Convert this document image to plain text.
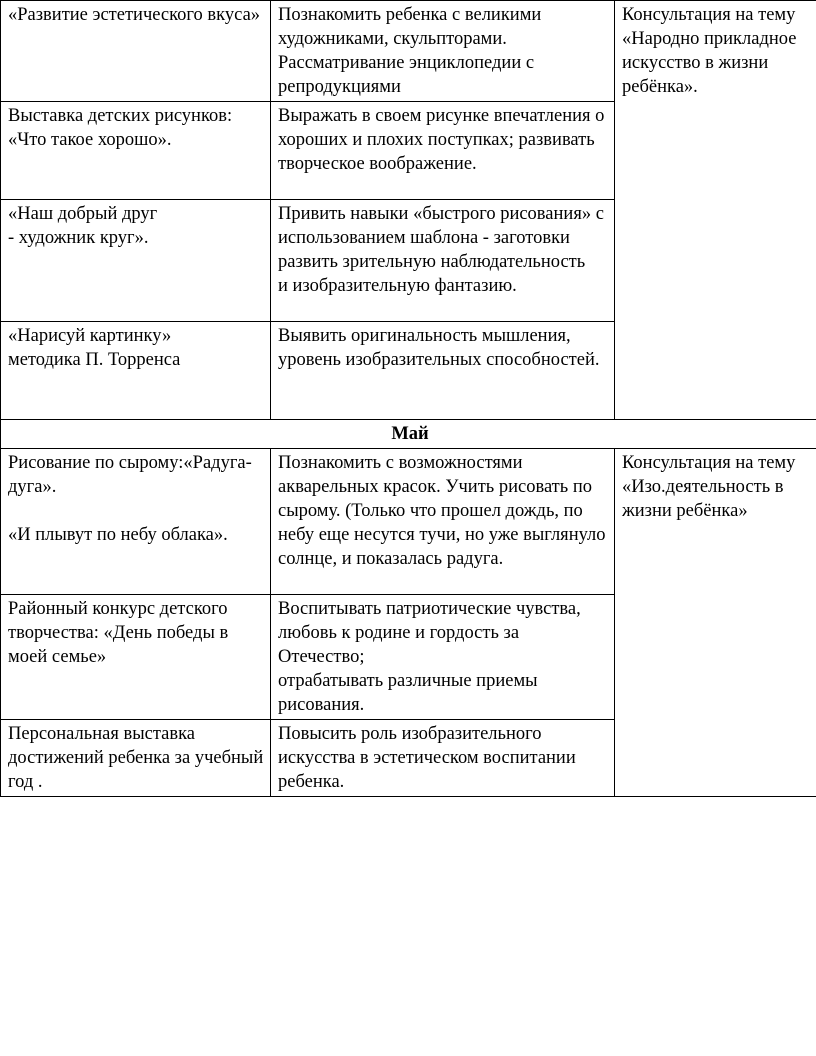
«Развитие эстетического вкуса»	Познакомить ребенка с великими художниками, скульпторами. Рассматривание энциклопедии с репродукциями	Консультация на тему «Народно прикладное искусство в жизни ребёнка».
Выставка детских рисунков: «Что такое хорошо».	Выражать в своем рисунке впечатления о хороших и плохих поступках; развивать творческое воображение.	

«Наш добрый друг
- художник круг».	Привить навыки «быстрого рисования» с использованием шаблона - заготовки развить зрительную наблюдательность
и изобразительную фантазию.	

«Нарисуй картинку»
методика П. Торренса	Выявить оригинальность мышления,
уровень изобразительных способностей.	

Май		

Рисование по сырому:«Радуга-дуга».
«И плывут по небу облака».	Познакомить с возможностями акварельных красок. Учить рисовать по сырому. (Только что прошел дождь, по небу еще несутся тучи, но уже выглянуло солнце, и показалась радуга.	Консультация на тему «Изо.деятельность в жизни ребёнка»
Районный конкурс детского творчества: «День победы в моей семье»	Воспитывать патриотические чувства, любовь к родине и гордость за Отечество;
отрабатывать различные приемы рисования.	

Персональная выставка достижений ребенка за учебный год .	Повысить роль изобразительного искусства в эстетическом воспитании ребенка.	
